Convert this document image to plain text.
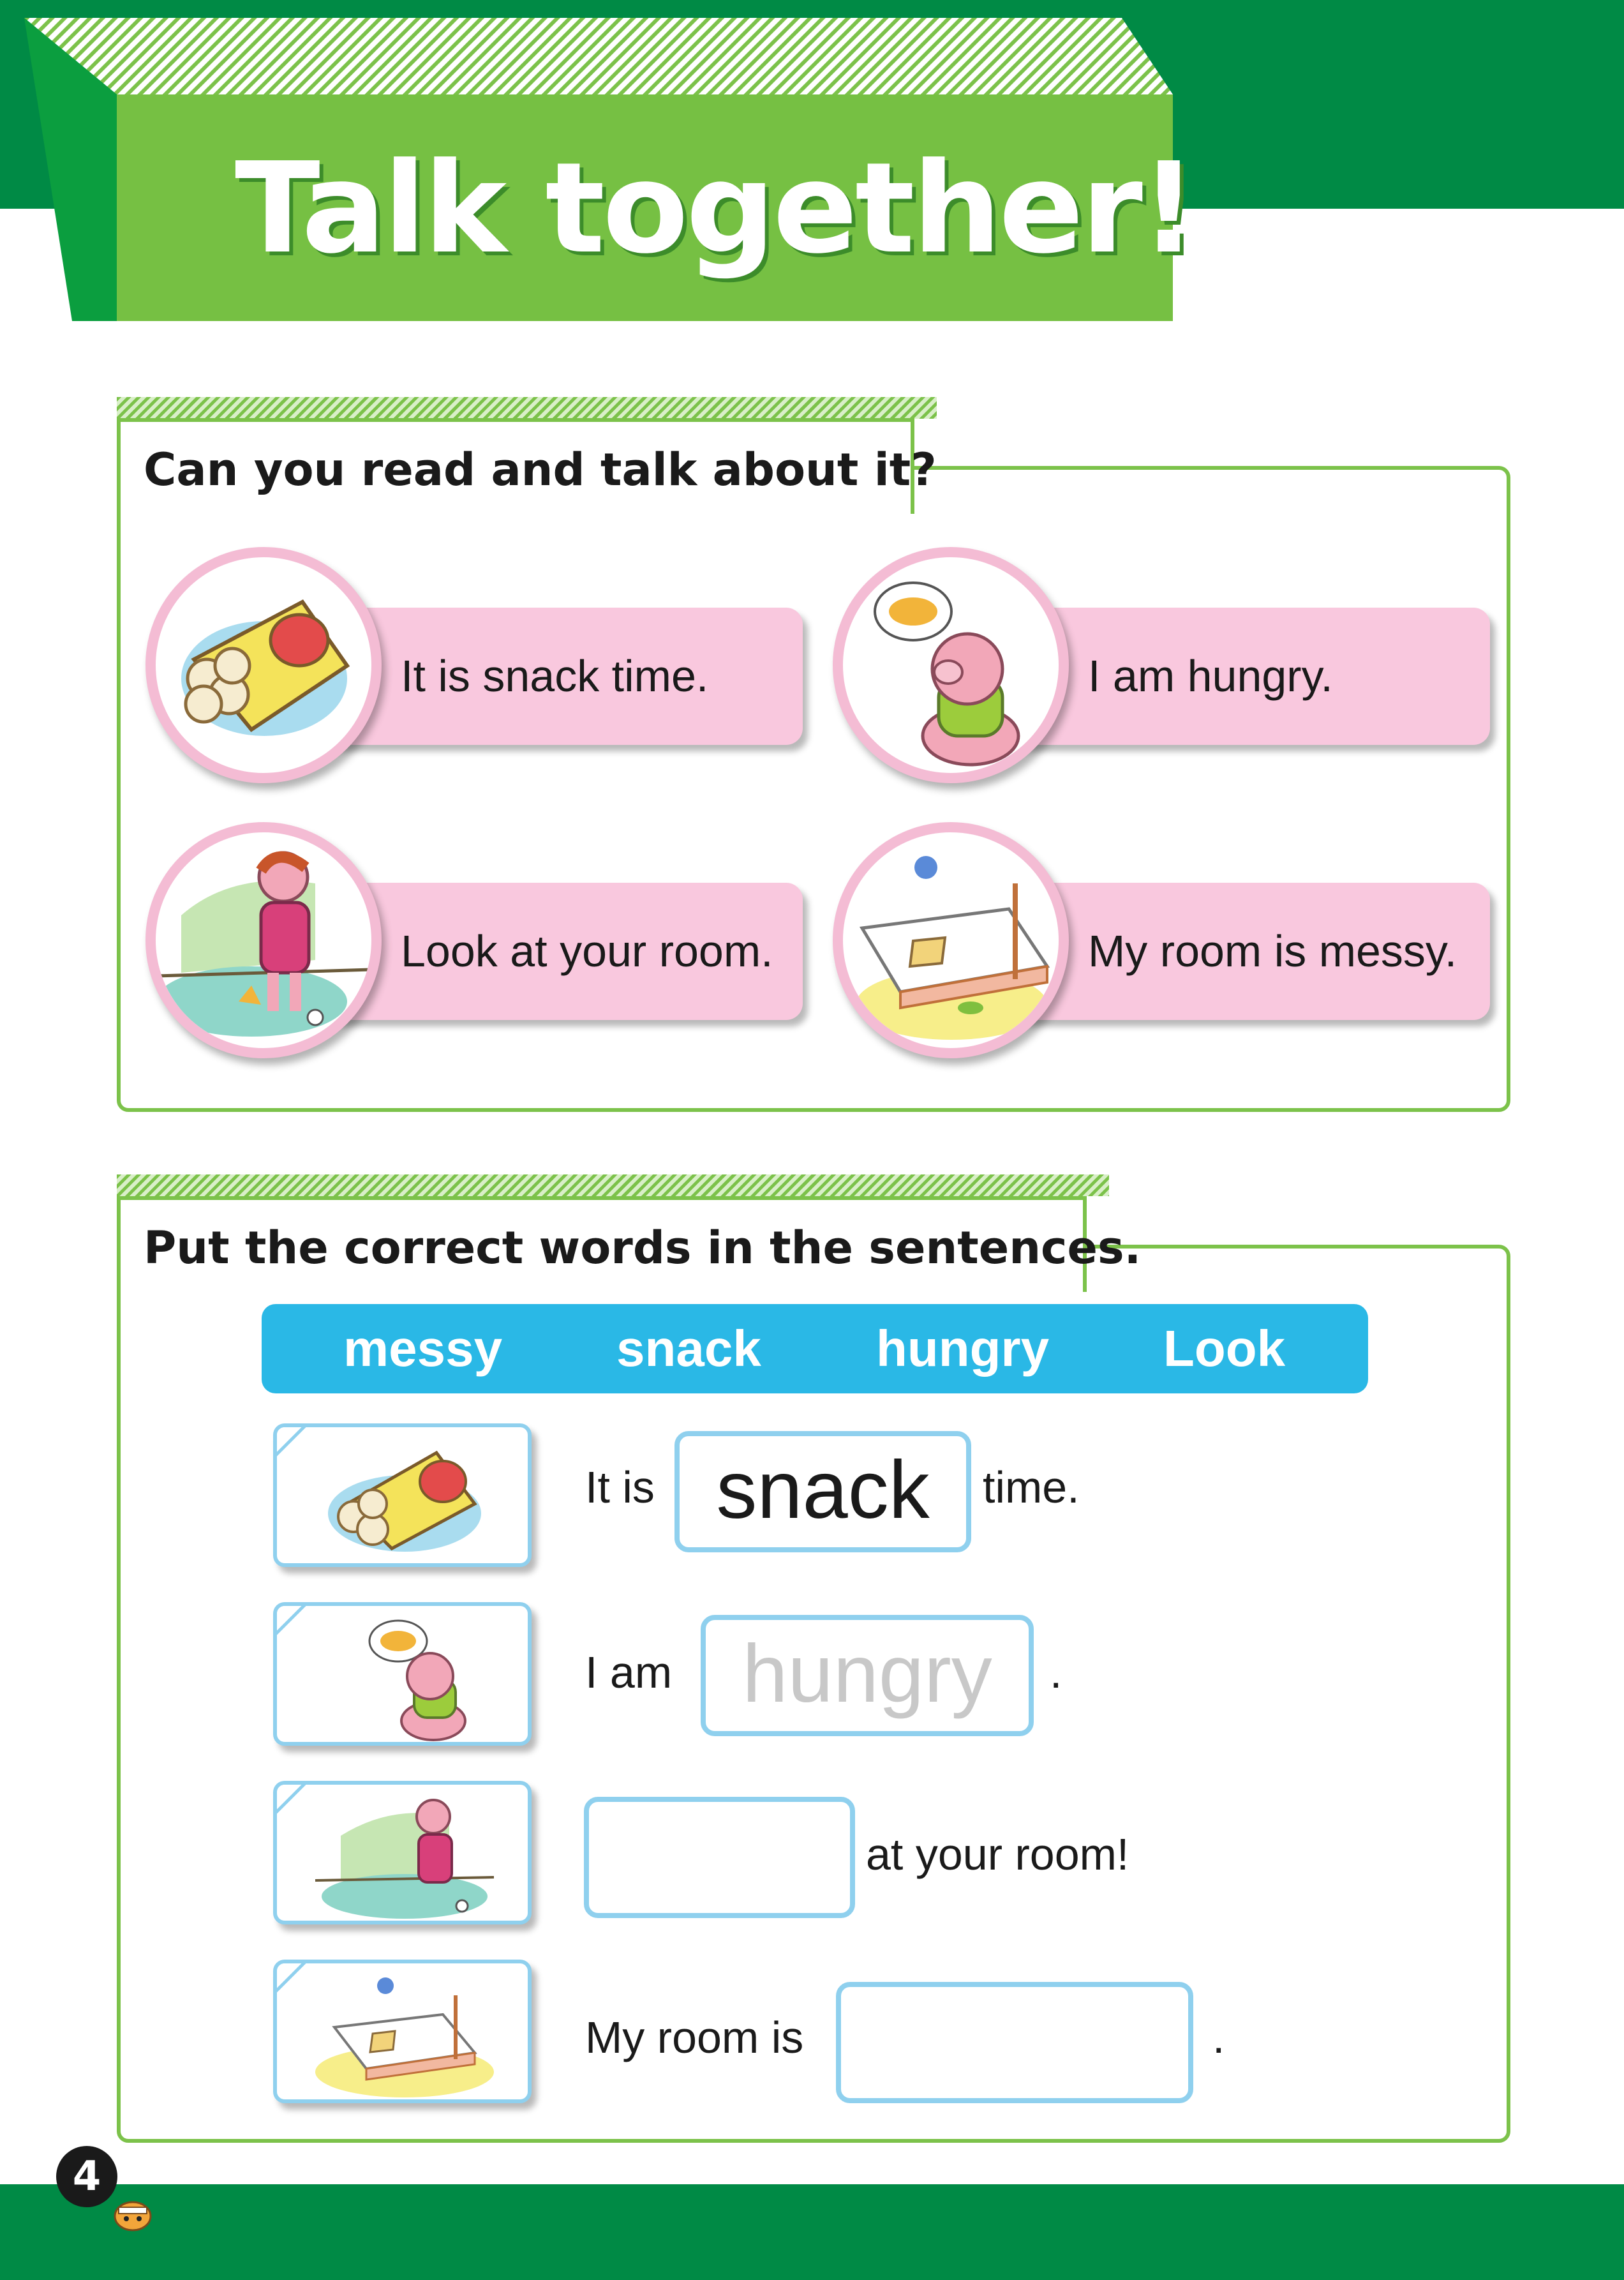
Talk together!
Can you read and talk about it?
It is snack time.	I am hungry.
Look at your room.	My room is messy.
Put the correct words in the sentences.
messy snack hungry Look
It is snack	time.
I am hungry	.
at your room!
My room is	.
4
